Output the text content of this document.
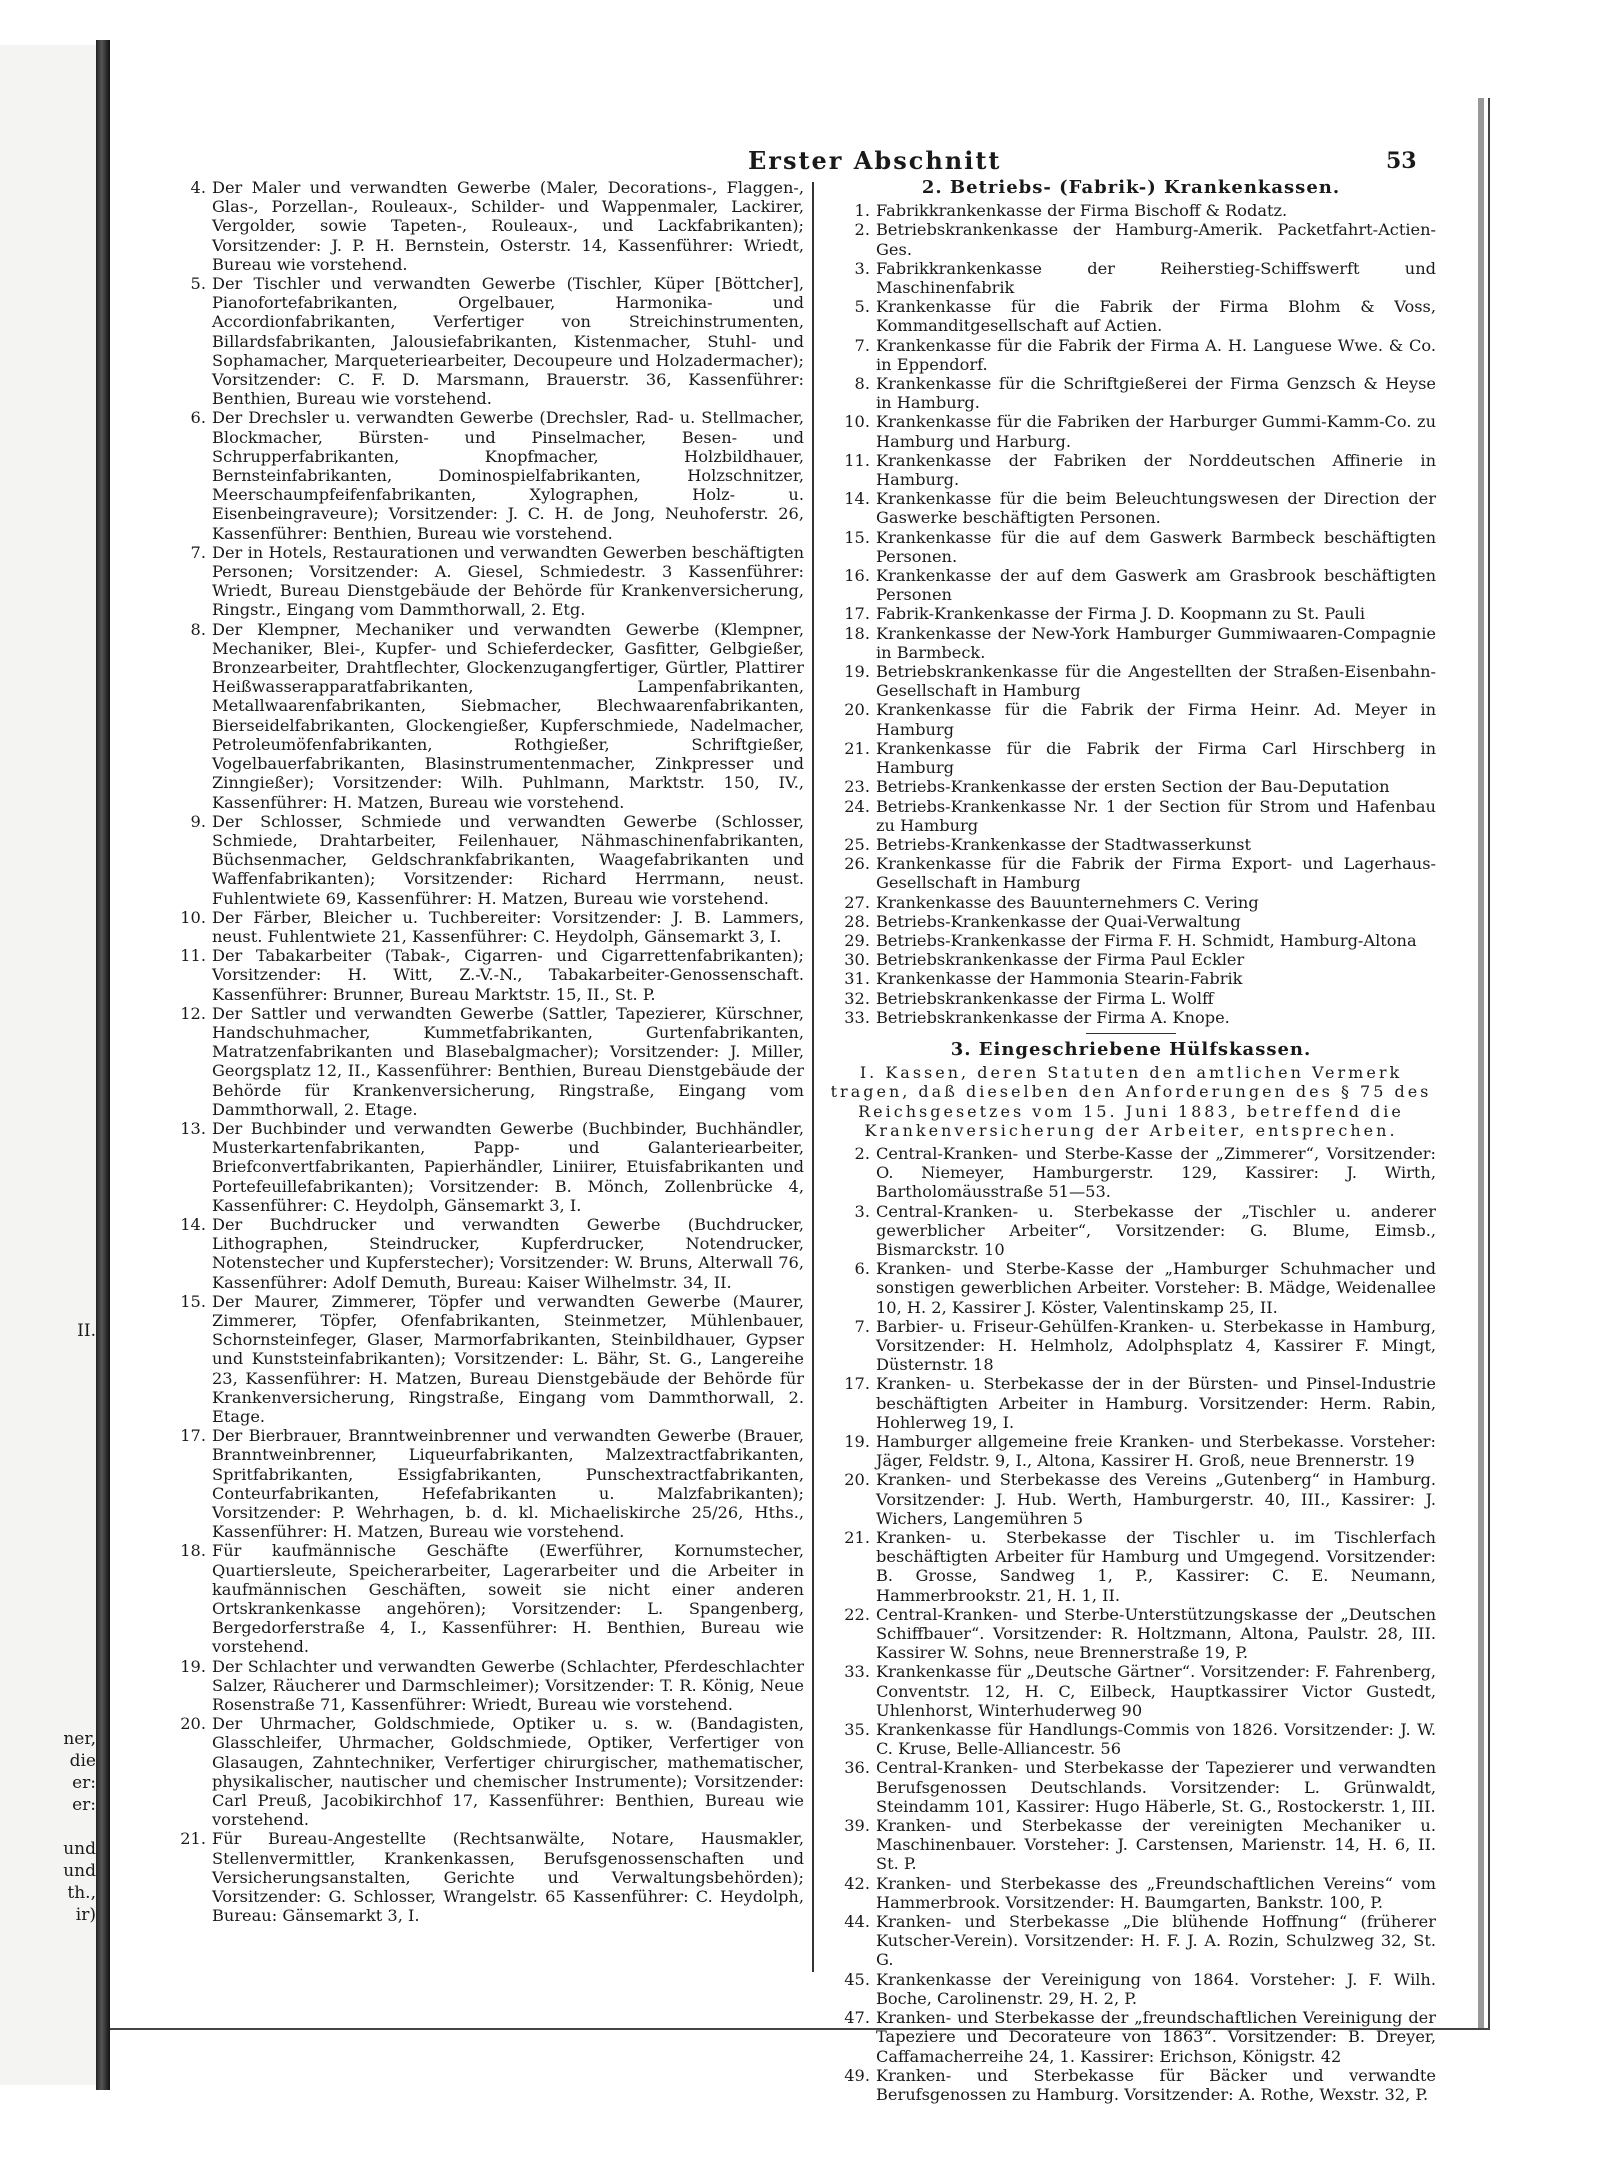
II.
ner,
die
er:
er:
und
und
th.,
ir)
Erster Abschnitt	53
4. Der Maler und verwandten Gewerbe (Maler, Decorations-, Flaggen-, Glas-, Porzellan-, Rouleaux-, Schilder- und Wappenmaler, Lackirer, Vergolder, sowie Tapeten-, Rouleaux-, und Lackfabrikanten); Vorsitzender: J. P. H. Bernstein, Osterstr. 14, Kassenführer: Wriedt, Bureau wie vorstehend.
5. Der Tischler und verwandten Gewerbe (Tischler, Küper [Böttcher], Pianofortefabrikanten, Orgelbauer, Harmonika- und Accordionfabrikanten, Verfertiger von Streichinstrumenten, Billardsfabrikanten, Jalousiefabrikanten, Kistenmacher, Stuhl- und Sophamacher, Marqueteriearbeiter, Decoupeure und Holzadermacher); Vorsitzender: C. F. D. Marsmann, Brauerstr. 36, Kassenführer: Benthien, Bureau wie vorstehend.
6. Der Drechsler u. verwandten Gewerbe (Drechsler, Rad- u. Stellmacher, Blockmacher, Bürsten- und Pinselmacher, Besen- und Schrupperfabrikanten, Knopfmacher, Holzbildhauer, Bernsteinfabrikanten, Dominospielfabrikanten, Holzschnitzer, Meerschaumpfeifenfabrikanten, Xylographen, Holz- u. Eisenbeingraveure); Vorsitzender: J. C. H. de Jong, Neuhoferstr. 26, Kassenführer: Benthien, Bureau wie vorstehend.
7. Der in Hotels, Restaurationen und verwandten Gewerben beschäftigten Personen; Vorsitzender: A. Giesel, Schmiedestr. 3 Kassenführer: Wriedt, Bureau Dienstgebäude der Behörde für Krankenversicherung, Ringstr., Eingang vom Dammthorwall, 2. Etg.
8. Der Klempner, Mechaniker und verwandten Gewerbe (Klempner, Mechaniker, Blei-, Kupfer- und Schieferdecker, Gasfitter, Gelbgießer, Bronzearbeiter, Drahtflechter, Glockenzugangfertiger, Gürtler, Plattirer Heißwasserapparatfabrikanten, Lampenfabrikanten, Metallwaarenfabrikanten, Siebmacher, Blechwaarenfabrikanten, Bierseidelfabrikanten, Glockengießer, Kupferschmiede, Nadelmacher, Petroleumöfenfabrikanten, Rothgießer, Schriftgießer, Vogelbauerfabrikanten, Blasinstrumentenmacher, Zinkpresser und Zinngießer); Vorsitzender: Wilh. Puhlmann, Marktstr. 150, IV., Kassenführer: H. Matzen, Bureau wie vorstehend.
9. Der Schlosser, Schmiede und verwandten Gewerbe (Schlosser, Schmiede, Drahtarbeiter, Feilenhauer, Nähmaschinenfabrikanten, Büchsenmacher, Geldschrankfabrikanten, Waagefabrikanten und Waffenfabrikanten); Vorsitzender: Richard Herrmann, neust. Fuhlentwiete 69, Kassenführer: H. Matzen, Bureau wie vorstehend.
10. Der Färber, Bleicher u. Tuchbereiter: Vorsitzender: J. B. Lammers, neust. Fuhlentwiete 21, Kassenführer: C. Heydolph, Gänsemarkt 3, I.
11. Der Tabakarbeiter (Tabak-, Cigarren- und Cigarrettenfabrikanten); Vorsitzender: H. Witt, Z.-V.-N., Tabakarbeiter-Genossenschaft. Kassenführer: Brunner, Bureau Marktstr. 15, II., St. P.
12. Der Sattler und verwandten Gewerbe (Sattler, Tapezierer, Kürschner, Handschuhmacher, Kummetfabrikanten, Gurtenfabrikanten, Matratzenfabrikanten und Blasebalgmacher); Vorsitzender: J. Miller, Georgsplatz 12, II., Kassenführer: Benthien, Bureau Dienstgebäude der Behörde für Krankenversicherung, Ringstraße, Eingang vom Dammthorwall, 2. Etage.
13. Der Buchbinder und verwandten Gewerbe (Buchbinder, Buchhändler, Musterkartenfabrikanten, Papp- und Galanteriearbeiter, Briefconvertfabrikanten, Papierhändler, Liniirer, Etuisfabrikanten und Portefeuillefabrikanten); Vorsitzender: B. Mönch, Zollenbrücke 4, Kassenführer: C. Heydolph, Gänsemarkt 3, I.
14. Der Buchdrucker und verwandten Gewerbe (Buchdrucker, Lithographen, Steindrucker, Kupferdrucker, Notendrucker, Notenstecher und Kupferstecher); Vorsitzender: W. Bruns, Alterwall 76, Kassenführer: Adolf Demuth, Bureau: Kaiser Wilhelmstr. 34, II.
15. Der Maurer, Zimmerer, Töpfer und verwandten Gewerbe (Maurer, Zimmerer, Töpfer, Ofenfabrikanten, Steinmetzer, Mühlenbauer, Schornsteinfeger, Glaser, Marmorfabrikanten, Steinbildhauer, Gypser und Kunststeinfabrikanten); Vorsitzender: L. Bähr, St. G., Langereihe 23, Kassenführer: H. Matzen, Bureau Dienstgebäude der Behörde für Krankenversicherung, Ringstraße, Eingang vom Dammthorwall, 2. Etage.
17. Der Bierbrauer, Branntweinbrenner und verwandten Gewerbe (Brauer, Branntweinbrenner, Liqueurfabrikanten, Malzextractfabrikanten, Spritfabrikanten, Essigfabrikanten, Punschextractfabrikanten, Conteurfabrikanten, Hefefabrikanten u. Malzfabrikanten); Vorsitzender: P. Wehrhagen, b. d. kl. Michaeliskirche 25/26, Hths., Kassenführer: H. Matzen, Bureau wie vorstehend.
18. Für kaufmännische Geschäfte (Ewerführer, Kornumstecher, Quartiersleute, Speicherarbeiter, Lagerarbeiter und die Arbeiter in kaufmännischen Geschäften, soweit sie nicht einer anderen Ortskrankenkasse angehören); Vorsitzender: L. Spangenberg, Bergedorferstraße 4, I., Kassenführer: H. Benthien, Bureau wie vorstehend.
19. Der Schlachter und verwandten Gewerbe (Schlachter, Pferdeschlachter Salzer, Räucherer und Darmschleimer); Vorsitzender: T. R. König, Neue Rosenstraße 71, Kassenführer: Wriedt, Bureau wie vorstehend.
20. Der Uhrmacher, Goldschmiede, Optiker u. s. w. (Bandagisten, Glasschleifer, Uhrmacher, Goldschmiede, Optiker, Verfertiger von Glasaugen, Zahntechniker, Verfertiger chirurgischer, mathematischer, physikalischer, nautischer und chemischer Instrumente); Vorsitzender: Carl Preuß, Jacobikirchhof 17, Kassenführer: Benthien, Bureau wie vorstehend.
21. Für Bureau-Angestellte (Rechtsanwälte, Notare, Hausmakler, Stellenvermittler, Krankenkassen, Berufsgenossenschaften und Versicherungsanstalten, Gerichte und Verwaltungsbehörden); Vorsitzender: G. Schlosser, Wrangelstr. 65 Kassenführer: C. Heydolph, Bureau: Gänsemarkt 3, I.
2. Betriebs- (Fabrik-) Krankenkassen.
1. Fabrikkrankenkasse der Firma Bischoff & Rodatz.
2. Betriebskrankenkasse der Hamburg-Amerik. Packetfahrt-Actien-Ges.
3. Fabrikkrankenkasse der Reiherstieg-Schiffswerft und Maschinenfabrik
5. Krankenkasse für die Fabrik der Firma Blohm & Voss, Kommanditgesellschaft auf Actien.
7. Krankenkasse für die Fabrik der Firma A. H. Languese Wwe. & Co. in Eppendorf.
8. Krankenkasse für die Schriftgießerei der Firma Genzsch & Heyse in Hamburg.
10. Krankenkasse für die Fabriken der Harburger Gummi-Kamm-Co. zu Hamburg und Harburg.
11. Krankenkasse der Fabriken der Norddeutschen Affinerie in Hamburg.
14. Krankenkasse für die beim Beleuchtungswesen der Direction der Gaswerke beschäftigten Personen.
15. Krankenkasse für die auf dem Gaswerk Barmbeck beschäftigten Personen.
16. Krankenkasse der auf dem Gaswerk am Grasbrook beschäftigten Personen
17. Fabrik-Krankenkasse der Firma J. D. Koopmann zu St. Pauli
18. Krankenkasse der New-York Hamburger Gummiwaaren-Compagnie in Barmbeck.
19. Betriebskrankenkasse für die Angestellten der Straßen-Eisenbahn-Gesellschaft in Hamburg
20. Krankenkasse für die Fabrik der Firma Heinr. Ad. Meyer in Hamburg
21. Krankenkasse für die Fabrik der Firma Carl Hirschberg in Hamburg
23. Betriebs-Krankenkasse der ersten Section der Bau-Deputation
24. Betriebs-Krankenkasse Nr. 1 der Section für Strom und Hafenbau zu Hamburg
25. Betriebs-Krankenkasse der Stadtwasserkunst
26. Krankenkasse für die Fabrik der Firma Export- und Lagerhaus-Gesellschaft in Hamburg
27. Krankenkasse des Bauunternehmers C. Vering
28. Betriebs-Krankenkasse der Quai-Verwaltung
29. Betriebs-Krankenkasse der Firma F. H. Schmidt, Hamburg-Altona
30. Betriebskrankenkasse der Firma Paul Eckler
31. Krankenkasse der Hammonia Stearin-Fabrik
32. Betriebskrankenkasse der Firma L. Wolff
33. Betriebskrankenkasse der Firma A. Knope.
3. Eingeschriebene Hülfskassen.
I. Kassen, deren Statuten den amtlichen Vermerk tragen, daß dieselben den Anforderungen des § 75 des Reichsgesetzes vom 15. Juni 1883, betreffend die Krankenversicherung der Arbeiter, entsprechen.
2. Central-Kranken- und Sterbe-Kasse der „Zimmerer“, Vorsitzender: O. Niemeyer, Hamburgerstr. 129, Kassirer: J. Wirth, Bartholomäusstraße 51—53.
3. Central-Kranken- u. Sterbekasse der „Tischler u. anderer gewerblicher Arbeiter“, Vorsitzender: G. Blume, Eimsb., Bismarckstr. 10
6. Kranken- und Sterbe-Kasse der „Hamburger Schuhmacher und sonstigen gewerblichen Arbeiter. Vorsteher: B. Mädge, Weidenallee 10, H. 2, Kassirer J. Köster, Valentinskamp 25, II.
7. Barbier- u. Friseur-Gehülfen-Kranken- u. Sterbekasse in Hamburg, Vorsitzender: H. Helmholz, Adolphsplatz 4, Kassirer F. Mingt, Düsternstr. 18
17. Kranken- u. Sterbekasse der in der Bürsten- und Pinsel-Industrie beschäftigten Arbeiter in Hamburg. Vorsitzender: Herm. Rabin, Hohlerweg 19, I.
19. Hamburger allgemeine freie Kranken- und Sterbekasse. Vorsteher: Jäger, Feldstr. 9, I., Altona, Kassirer H. Groß, neue Brennerstr. 19
20. Kranken- und Sterbekasse des Vereins „Gutenberg“ in Hamburg. Vorsitzender: J. Hub. Werth, Hamburgerstr. 40, III., Kassirer: J. Wichers, Langemühren 5
21. Kranken- u. Sterbekasse der Tischler u. im Tischlerfach beschäftigten Arbeiter für Hamburg und Umgegend. Vorsitzender: B. Grosse, Sandweg 1, P., Kassirer: C. E. Neumann, Hammerbrookstr. 21, H. 1, II.
22. Central-Kranken- und Sterbe-Unterstützungskasse der „Deutschen Schiffbauer“. Vorsitzender: R. Holtzmann, Altona, Paulstr. 28, III. Kassirer W. Sohns, neue Brennerstraße 19, P.
33. Krankenkasse für „Deutsche Gärtner“. Vorsitzender: F. Fahrenberg, Conventstr. 12, H. C, Eilbeck, Hauptkassirer Victor Gustedt, Uhlenhorst, Winterhuderweg 90
35. Krankenkasse für Handlungs-Commis von 1826. Vorsitzender: J. W. C. Kruse, Belle-Alliancestr. 56
36. Central-Kranken- und Sterbekasse der Tapezierer und verwandten Berufsgenossen Deutschlands. Vorsitzender: L. Grünwaldt, Steindamm 101, Kassirer: Hugo Häberle, St. G., Rostockerstr. 1, III.
39. Kranken- und Sterbekasse der vereinigten Mechaniker u. Maschinenbauer. Vorsteher: J. Carstensen, Marienstr. 14, H. 6, II. St. P.
42. Kranken- und Sterbekasse des „Freundschaftlichen Vereins“ vom Hammerbrook. Vorsitzender: H. Baumgarten, Bankstr. 100, P.
44. Kranken- und Sterbekasse „Die blühende Hoffnung“ (früherer Kutscher-Verein). Vorsitzender: H. F. J. A. Rozin, Schulzweg 32, St. G.
45. Krankenkasse der Vereinigung von 1864. Vorsteher: J. F. Wilh. Boche, Carolinenstr. 29, H. 2, P.
47. Kranken- und Sterbekasse der „freundschaftlichen Vereinigung der Tapeziere und Decorateure von 1863“. Vorsitzender: B. Dreyer, Caffamacherreihe 24, 1. Kassirer: Erichson, Königstr. 42
49. Kranken- und Sterbekasse für Bäcker und verwandte Berufsgenossen zu Hamburg. Vorsitzender: A. Rothe, Wexstr. 32, P.
